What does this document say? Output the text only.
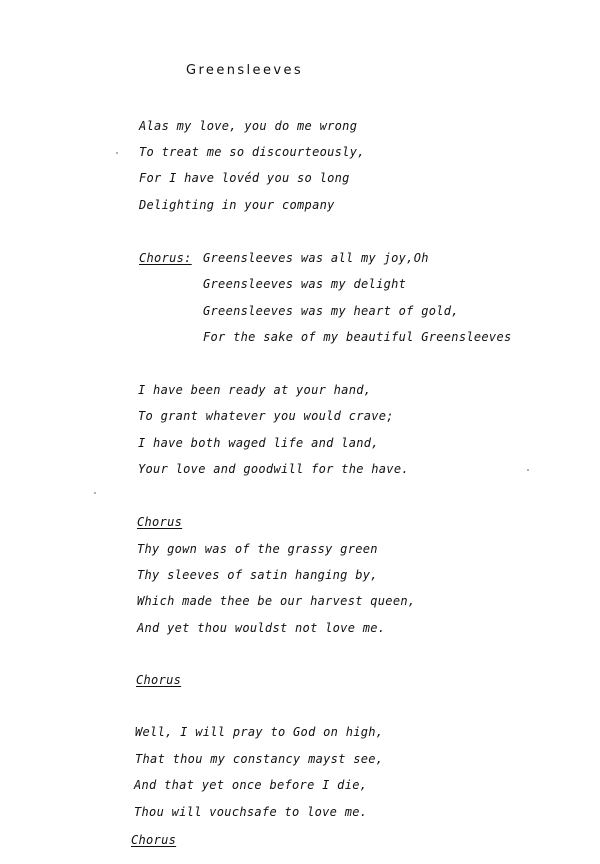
Greensleeves
Alas my love, you do me wrong
To treat me so discourteously,
For I have lovéd you so long
Delighting in your company
Chorus: Greensleeves was all my joy,Oh
Greensleeves was my delight
Greensleeves was my heart of gold,
For the sake of my beautiful Greensleeves
I have been ready at your hand,
To grant whatever you would crave;
I have both waged life and land,
Your love and goodwill for the have.
Chorus
Thy gown was of the grassy green
Thy sleeves of satin hanging by,
Which made thee be our harvest queen,
And yet thou wouldst not love me.
Chorus
Well, I will pray to God on high,
That thou my constancy mayst see,
And that yet once before I die,
Thou will vouchsafe to love me.
Chorus
